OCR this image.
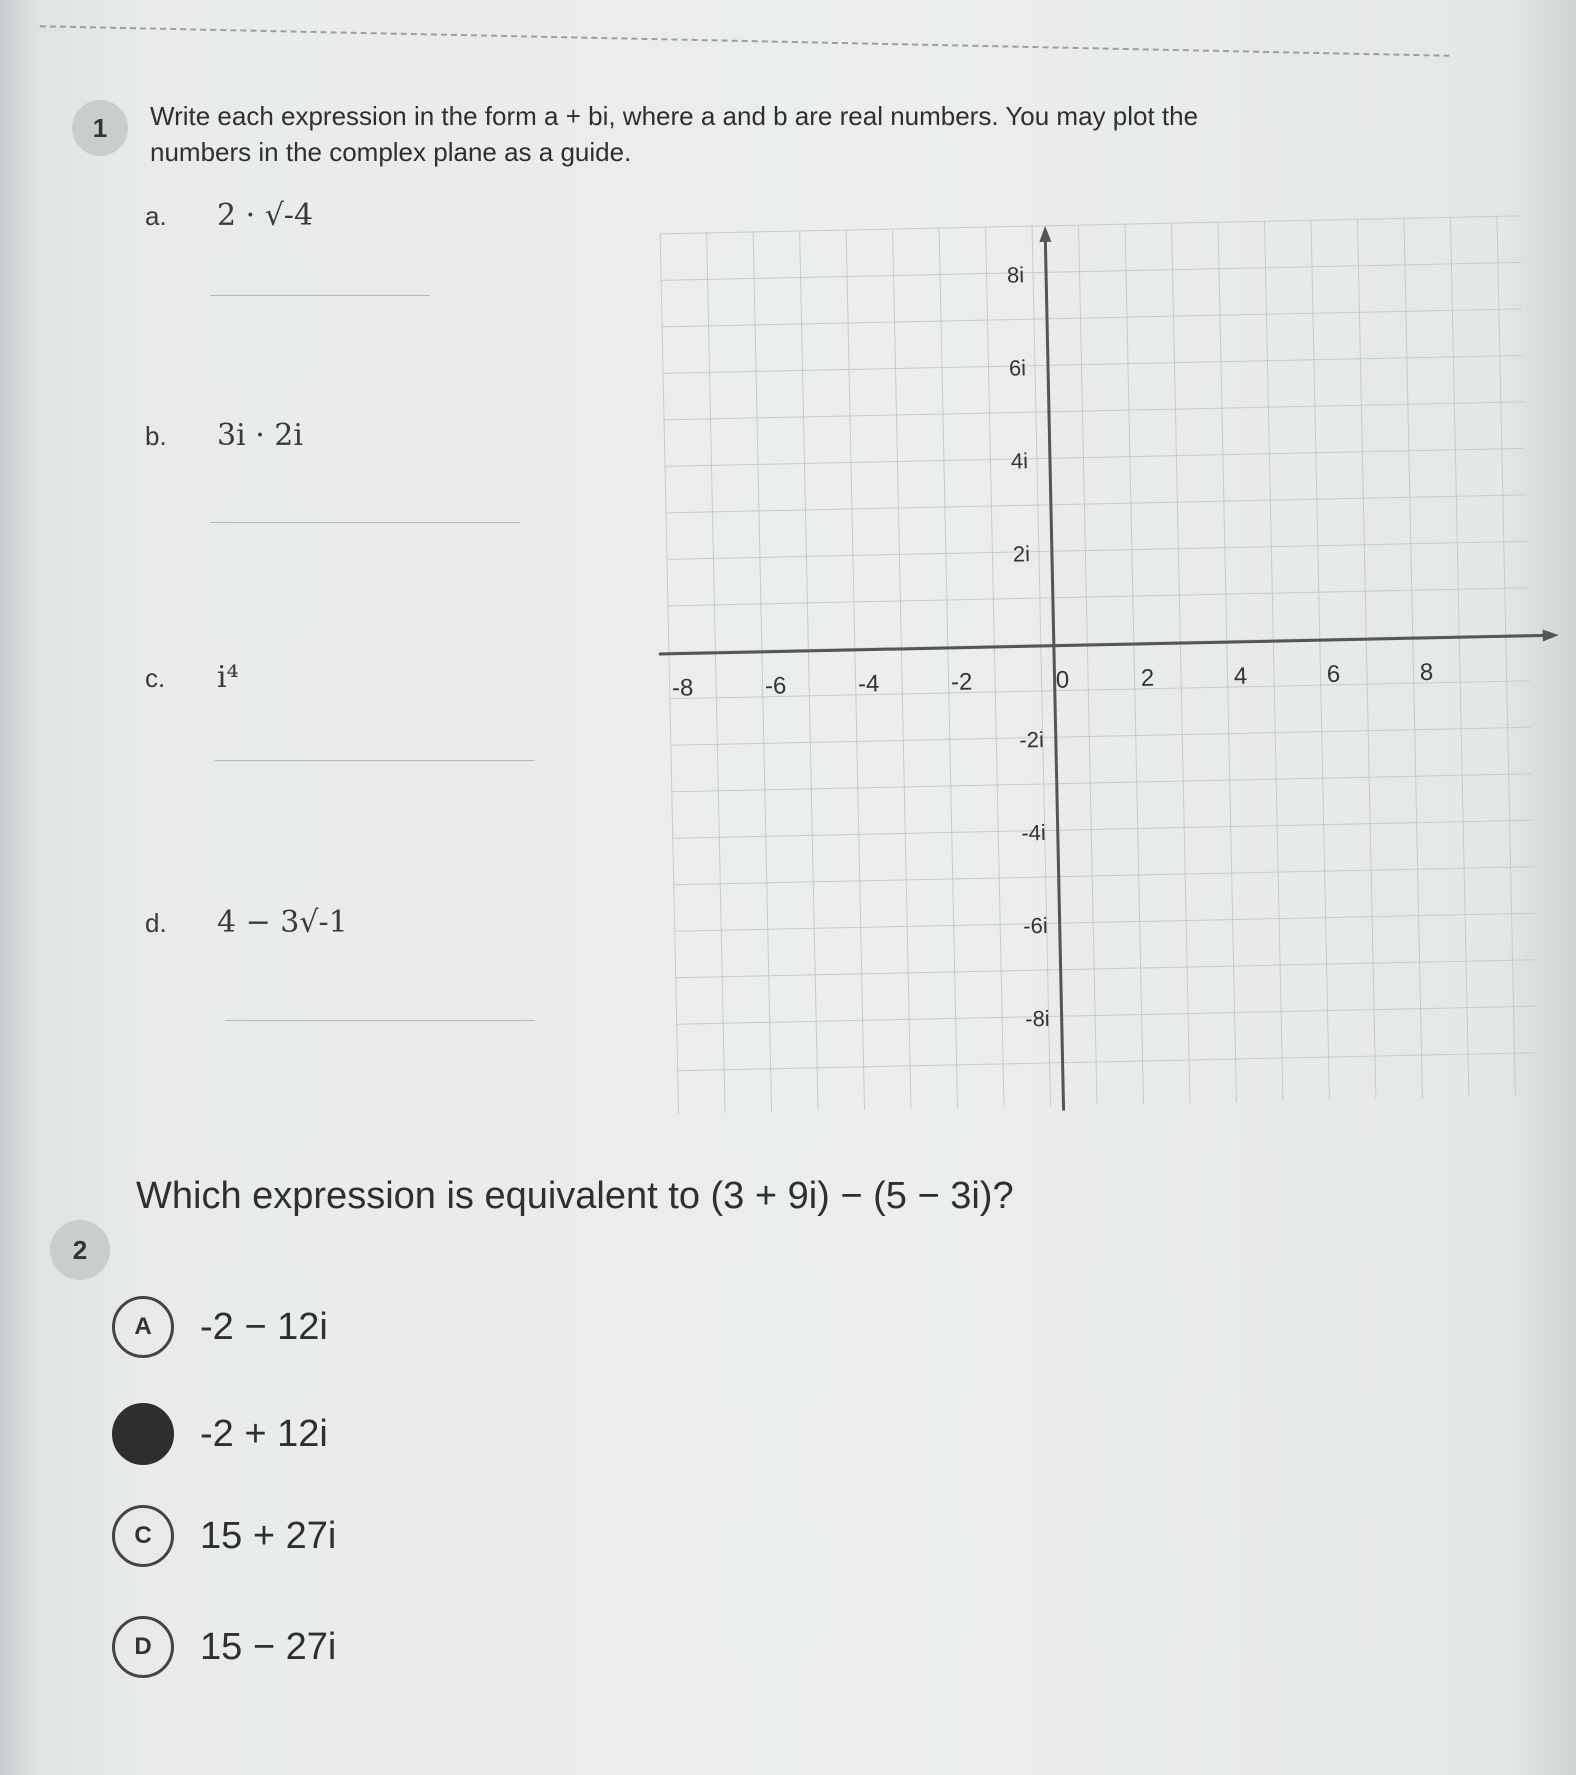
1	Write each expression in the form a + bi, where a and b are real numbers. You may plot the
numbers in the complex plane as a guide.
a. 2 · √-4
b. 3i · 2i
c. i⁴
d. 4 − 3√-1
-8	-6	-4	-2	0	2	4	6	8
8i
6i
4i
2i
-2i
-4i
-6i
-8i
2
Which expression is equivalent to (3 + 9i) − (5 − 3i)?
A	-2 − 12i
B	-2 + 12i
C	15 + 27i
D	15 − 27i
